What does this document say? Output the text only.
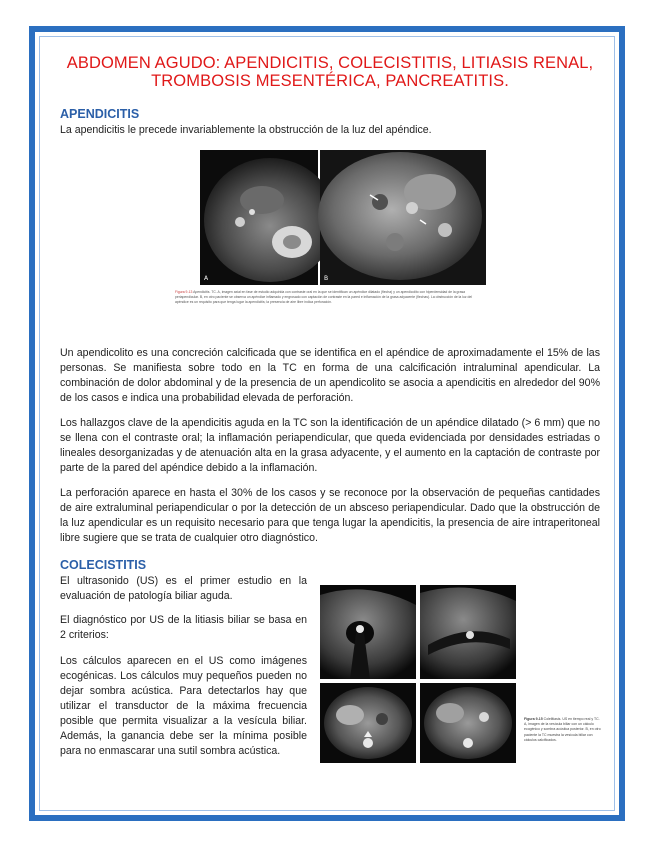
ABDOMEN AGUDO: APENDICITIS, COLECISTITIS, LITIASIS RENAL, TROMBOSIS MESENTÉRICA, PANCREATITIS.
APENDICITIS

La apendicitis le precede invariablemente la obstrucción de la luz del apéndice.

A	B
Figura 9-13 Apendicitis. TC. A, imagen axial en fase de estudio adquirida con contraste oral en la que se identifican un apéndice dilatado (flecha) y un apendicolito con hiperdensidad de la grasa periapendicular. B, en otro paciente se observa un apéndice inflamado y engrosado con captación de contraste en la pared e inflamación de la grasa adyacente (flechas). La obstrucción de la luz del apéndice es un requisito para que tenga lugar la apendicitis; la presencia de aire libre indica perforación.

Un apendicolito es una concreción calcificada que se identifica en el apéndice de aproximadamente el 15% de las personas. Se manifiesta sobre todo en la TC en forma de una calcificación intraluminal apendicular. La combinación de dolor abdominal y de la presencia de un apendicolito se asocia a apendicitis en alrededor del 90% de los casos e indica una probabilidad elevada de perforación.

Los hallazgos clave de la apendicitis aguda en la TC son la identificación de un apéndice dilatado (> 6 mm) que no se llena con el contraste oral; la inflamación periapendicular, que queda evidenciada por densidades estriadas o lineales desorganizadas y de atenuación alta en la grasa adyacente, y el aumento en la captación de contraste por parte de la pared del apéndice debido a la inflamación.

La perforación aparece en hasta el 30% de los casos y se reconoce por la observación de pequeñas cantidades de aire extraluminal periapendicular o por la detección de un absceso periapendicular. Dado que la obstrucción de la luz apendicular es un requisito necesario para que tenga lugar la apendicitis, la presencia de aire intraperitoneal libre sugiere que se trata de cualquier otro diagnóstico.

COLECISTITIS

El ultrasonido (US) es el primer estudio en la evaluación de patología biliar aguda.

El diagnóstico por US de la litiasis biliar se basa en 2 criterios:

Los cálculos aparecen en el US como imágenes ecogénicas. Los cálculos muy pequeños pueden no dejar sombra acústica. Para detectarlos hay que utilizar el transductor de la máxima frecuencia posible que permita visualizar a la vesícula biliar. Además, la ganancia debe ser la mínima posible para no enmascarar una sutil sombra acústica.

Figura 9-15 Colelitiasis. US en tiempo real y TC. A, imagen de la vesícula biliar con un cálculo ecogénico y sombra acústica posterior. B, en otro paciente la TC muestra la vesícula biliar con cálculos calcificados.
